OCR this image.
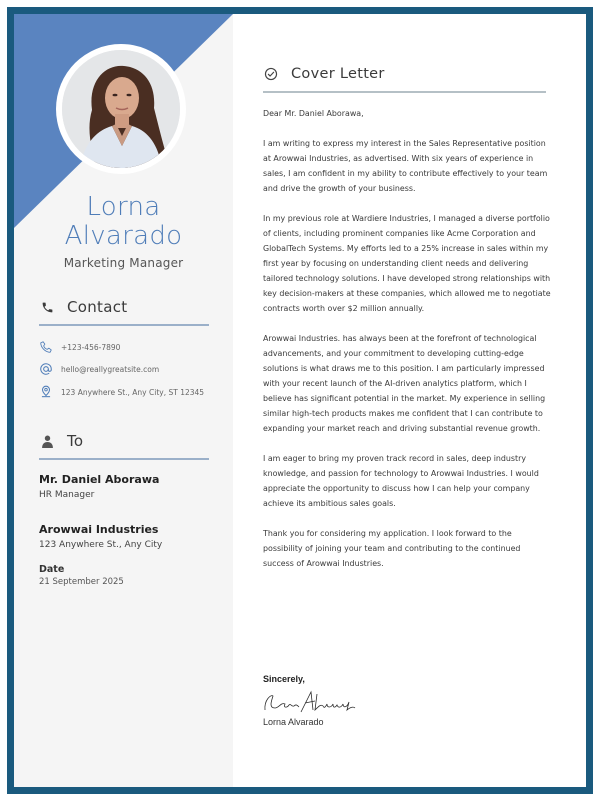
Lorna
Alvarado
Marketing Manager
Contact
+123-456-7890
hello@reallygreatsite.com
123 Anywhere St., Any City, ST 12345
To
Mr. Daniel Aborawa
HR Manager
Arowwai Industries
123 Anywhere St., Any City
Date
21 September 2025
Cover Letter

Dear Mr. Daniel Aborawa,

I am writing to express my interest in the Sales Representative position at Arowwai Industries, as advertised. With six years of experience in sales, I am confident in my ability to contribute effectively to your team and drive the growth of your business.

In my previous role at Wardiere Industries, I managed a diverse portfolio of clients, including prominent companies like Acme Corporation and GlobalTech Systems. My efforts led to a 25% increase in sales within my first year by focusing on understanding client needs and delivering tailored technology solutions. I have developed strong relationships with key decision-makers at these companies, which allowed me to negotiate contracts worth over $2 million annually.

Arowwai Industries. has always been at the forefront of technological advancements, and your commitment to developing cutting-edge solutions is what draws me to this position. I am particularly impressed with your recent launch of the AI-driven analytics platform, which I believe has significant potential in the market. My experience in selling similar high-tech products makes me confident that I can contribute to expanding your market reach and driving substantial revenue growth.

I am eager to bring my proven track record in sales, deep industry knowledge, and passion for technology to Arowwai Industries. I would appreciate the opportunity to discuss how I can help your company achieve its ambitious sales goals.

Thank you for considering my application. I look forward to the possibility of joining your team and contributing to the continued success of Arowwai Industries.

Sincerely,
Lorna Alvarado
